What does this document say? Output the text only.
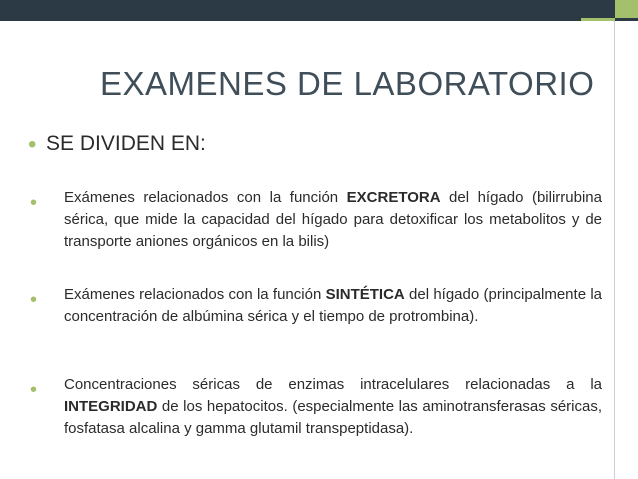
EXAMENES DE LABORATORIO
• SE DIVIDEN EN:
• Exámenes relacionados con la función EXCRETORA del hígado (bilirrubina sérica, que mide la capacidad del hígado para detoxificar los metabolitos y de transporte aniones orgánicos en la bilis)
• Exámenes relacionados con la función SINTÉTICA del hígado (principalmente la concentración de albúmina sérica y el tiempo de protrombina).
• Concentraciones séricas de enzimas intracelulares relacionadas a la INTEGRIDAD de los hepatocitos. (especialmente las aminotransferasas séricas, fosfatasa alcalina y gamma glutamil transpeptidasa).
